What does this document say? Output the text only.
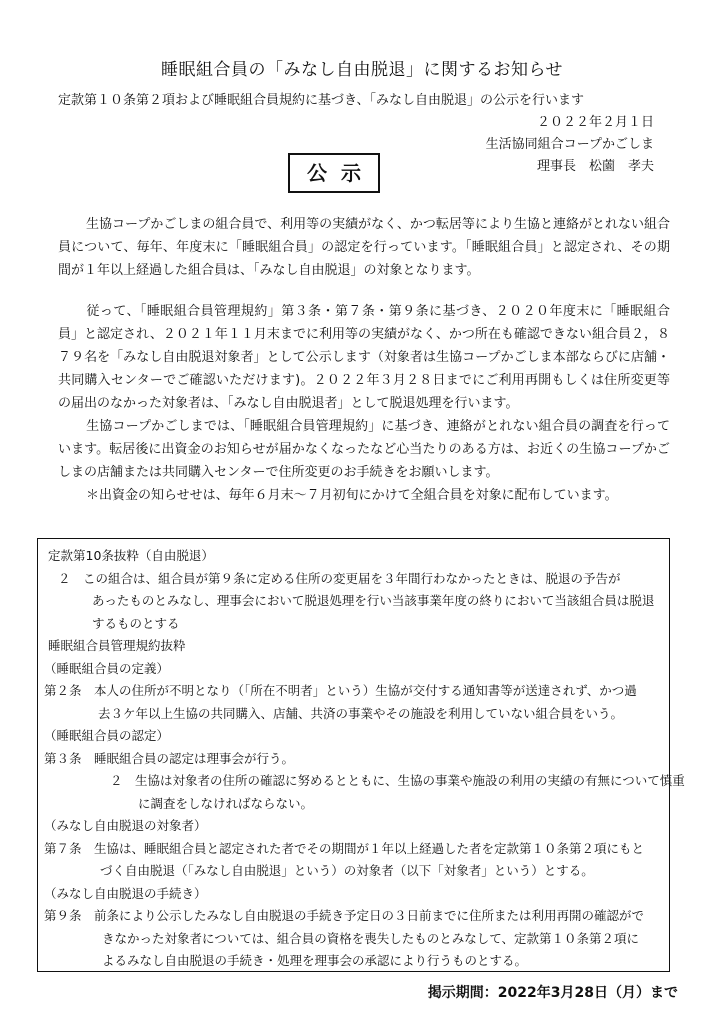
睡眠組合員の「みなし自由脱退」に関するお知らせ
定款第１０条第２項および睡眠組合員規約に基づき、「みなし自由脱退」の公示を行います
２０２２年２月１日
生活協同組合コープかごしま
理事長　松薗　孝夫
公示

生協コープかごしまの組合員で、利用等の実績がなく、かつ転居等により生協と連絡がとれない組合員について、毎年、年度末に「睡眠組合員」の認定を行っています。「睡眠組合員」と認定され、その期間が１年以上経過した組合員は、「みなし自由脱退」の対象となります。

従って、「睡眠組合員管理規約」第３条・第７条・第９条に基づき、２０２０年度末に「睡眠組合員」と認定され、２０２１年１１月末までに利用等の実績がなく、かつ所在も確認できない組合員２，８７９名を「みなし自由脱退対象者」として公示します（対象者は生協コープかごしま本部ならびに店舗・共同購入センターでご確認いただけます)。２０２２年３月２８日までにご利用再開もしくは住所変更等の届出のなかった対象者は、「みなし自由脱退者」として脱退処理を行います。

生協コープかごしまでは、「睡眠組合員管理規約」に基づき、連絡がとれない組合員の調査を行っています。転居後に出資金のお知らせが届かなくなったなど心当たりのある方は、お近くの生協コープかごしまの店舗または共同購入センターで住所変更のお手続きをお願いします。

＊出資金の知らせせは、毎年６月末～７月初旬にかけて全組合員を対象に配布しています。

定款第10条抜粋（自由脱退）
２　この組合は、組合員が第９条に定める住所の変更届を３年間行わなかったときは、脱退の予告が
あったものとみなし、理事会において脱退処理を行い当該事業年度の終りにおいて当該組合員は脱退
するものとする
睡眠組合員管理規約抜粋
（睡眠組合員の定義）
第２条　本人の住所が不明となり（「所在不明者」という）生協が交付する通知書等が送達されず、かつ過
去３ケ年以上生協の共同購入、店舗、共済の事業やその施設を利用していない組合員をいう。
（睡眠組合員の認定）
第３条　睡眠組合員の認定は理事会が行う。
２　生協は対象者の住所の確認に努めるとともに、生協の事業や施設の利用の実績の有無について慎重
に調査をしなければならない。
（みなし自由脱退の対象者）
第７条　生協は、睡眠組合員と認定された者でその期間が１年以上経過した者を定款第１０条第２項にもと
づく自由脱退（「みなし自由脱退」という）の対象者（以下「対象者」という）とする。
（みなし自由脱退の手続き）
第９条　前条により公示したみなし自由脱退の手続き予定日の３日前までに住所または利用再開の確認がで
きなかった対象者については、組合員の資格を喪失したものとみなして、定款第１０条第２項に
よるみなし自由脱退の手続き・処理を理事会の承認により行うものとする。
掲示期間：2022年3月28日（月）まで
